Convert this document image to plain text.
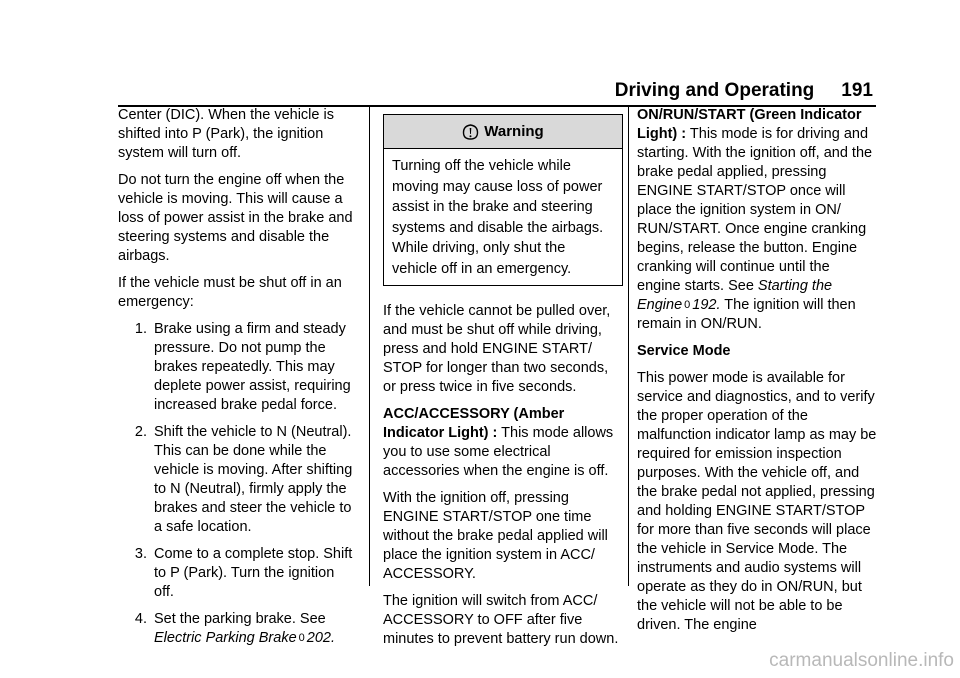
Driving and Operating 191

Center (DIC). When the vehicle is shifted into P (Park), the ignition system will turn off.

Do not turn the engine off when the vehicle is moving. This will cause a loss of power assist in the brake and steering systems and disable the airbags.

If the vehicle must be shut off in an emergency:

1. Brake using a firm and steady pressure. Do not pump the brakes repeatedly. This may deplete power assist, requiring increased brake pedal force.
2. Shift the vehicle to N (Neutral). This can be done while the vehicle is moving. After shifting to N (Neutral), firmly apply the brakes and steer the vehicle to a safe location.
3. Come to a complete stop. Shift to P (Park). Turn the ignition off.
4. Set the parking brake. See
Electric Parking Brake 0 202.
Warning
Turning off the vehicle while moving may cause loss of power assist in the brake and steering systems and disable the airbags. While driving, only shut the vehicle off in an emergency.

If the vehicle cannot be pulled over, and must be shut off while driving, press and hold ENGINE START/ STOP for longer than two seconds, or press twice in five seconds.

ACC/ACCESSORY (Amber Indicator Light) : This mode allows you to use some electrical accessories when the engine is off.

With the ignition off, pressing ENGINE START/STOP one time without the brake pedal applied will place the ignition system in ACC/ ACCESSORY.

The ignition will switch from ACC/ ACCESSORY to OFF after five minutes to prevent battery run down.

ON/RUN/START (Green Indicator Light) : This mode is for driving and starting. With the ignition off, and the brake pedal applied, pressing ENGINE START/STOP once will place the ignition system in ON/ RUN/START. Once engine cranking begins, release the button. Engine cranking will continue until the engine starts. See Starting the Engine 0 192. The ignition will then remain in ON/RUN.

Service Mode

This power mode is available for service and diagnostics, and to verify the proper operation of the malfunction indicator lamp as may be required for emission inspection purposes. With the vehicle off, and the brake pedal not applied, pressing and holding ENGINE START/STOP for more than five seconds will place the vehicle in Service Mode. The instruments and audio systems will operate as they do in ON/RUN, but the vehicle will not be able to be driven. The engine

carmanualsonline.info
